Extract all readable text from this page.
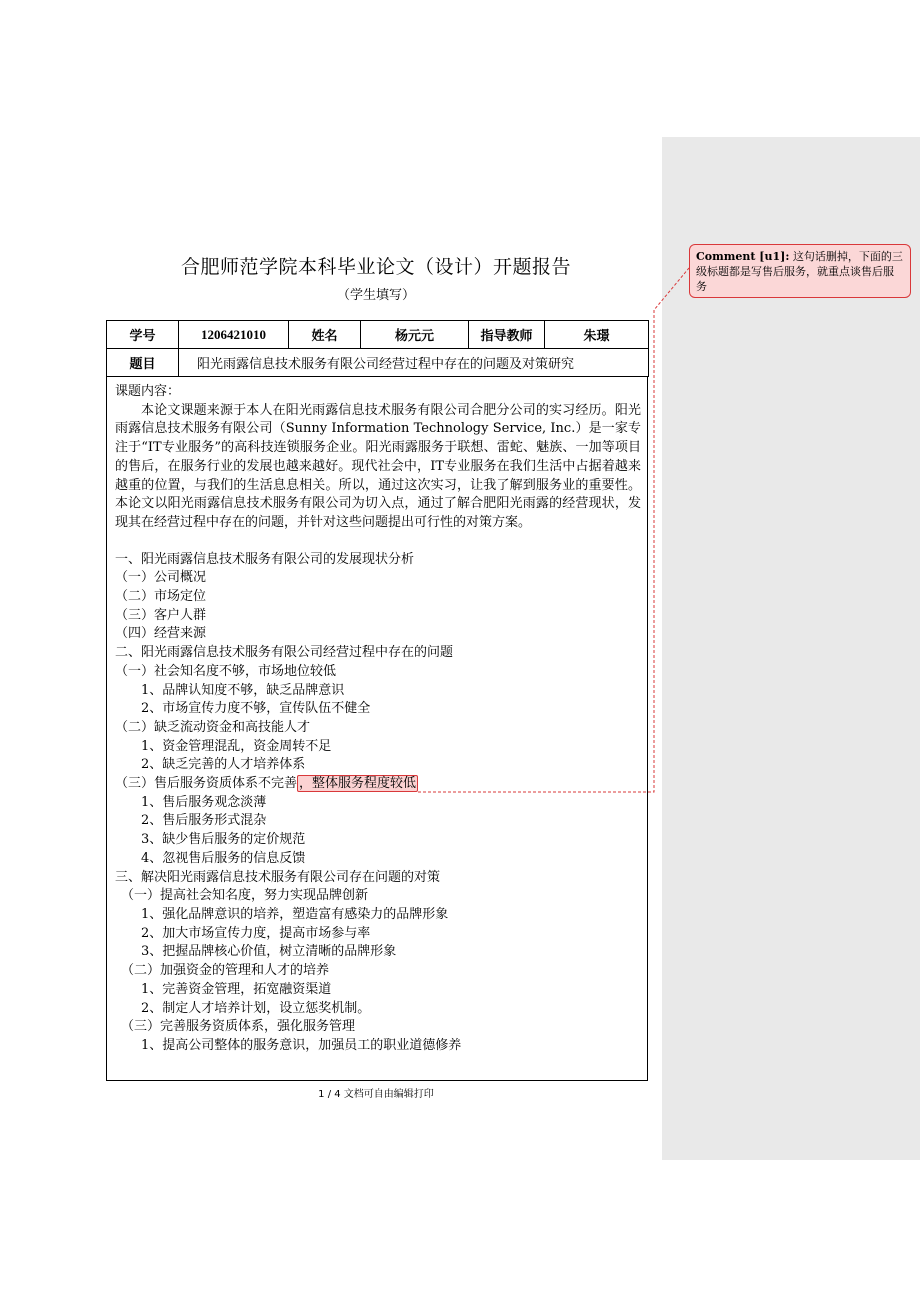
合肥师范学院本科毕业论文（设计）开题报告
（学生填写）
学号	1206421010	姓名	杨元元	指导教师	朱璟
题目	阳光雨露信息技术服务有限公司经营过程中存在的问题及对策研究				

课题内容：

本论文课题来源于本人在阳光雨露信息技术服务有限公司合肥分公司的实习经历。阳光雨露信息技术服务有限公司（Sunny Information Technology Service, Inc.）是一家专注于“IT专业服务”的高科技连锁服务企业。阳光雨露服务于联想、雷蛇、魅族、一加等项目的售后，在服务行业的发展也越来越好。现代社会中，IT专业服务在我们生活中占据着越来越重的位置，与我们的生活息息相关。所以，通过这次实习，让我了解到服务业的重要性。本论文以阳光雨露信息技术服务有限公司为切入点，通过了解合肥阳光雨露的经营现状，发现其在经营过程中存在的问题，并针对这些问题提出可行性的对策方案。

一、阳光雨露信息技术服务有限公司的发展现状分析

（一）公司概况

（二）市场定位

（三）客户人群

（四）经营来源

二、阳光雨露信息技术服务有限公司经营过程中存在的问题

（一）社会知名度不够，市场地位较低

1、品牌认知度不够，缺乏品牌意识

2、市场宣传力度不够，宣传队伍不健全

（二）缺乏流动资金和高技能人才

1、资金管理混乱，资金周转不足

2、缺乏完善的人才培养体系

（三）售后服务资质体系不完善 ，整体服务程度较低

1、售后服务观念淡薄

2、售后服务形式混杂

3、缺少售后服务的定价规范

4、忽视售后服务的信息反馈

三、解决阳光雨露信息技术服务有限公司存在问题的对策

（一）提高社会知名度，努力实现品牌创新

1、强化品牌意识的培养，塑造富有感染力的品牌形象

2、加大市场宣传力度，提高市场参与率

3、把握品牌核心价值，树立清晰的品牌形象

（二）加强资金的管理和人才的培养

1、完善资金管理，拓宽融资渠道

2、制定人才培养计划，设立惩奖机制。

（三）完善服务资质体系，强化服务管理

1、提高公司整体的服务意识，加强员工的职业道德修养

1 / 4 文档可自由编辑打印
Comment [u1]: 这句话删掉，下面的三级标题都是写售后服务，就重点谈售后服务
